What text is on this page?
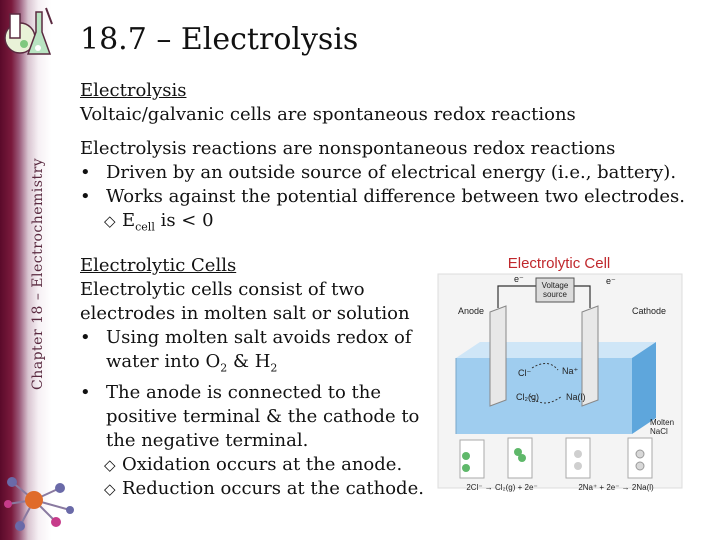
Chapter 18 – Electrochemistry
18.7 – Electrolysis
Electrolysis
Voltaic/galvanic cells are spontaneous redox reactions
Electrolysis reactions are nonspontaneous redox reactions
• Driven by an outside source of electrical energy (i.e., battery).
• Works against the potential difference between two electrodes.
◇ $E_{cell}$ is < 0
Electrolytic Cells
Electrolytic cells consist of two
electrodes in molten salt or solution
• Using molten salt avoids redox of
water into $O_2$ & $H_2$
• The anode is connected to the
positive terminal & the cathode to
the negative terminal.
◇ Oxidation occurs at the anode.
◇ Reduction occurs at the cathode.
Electrolytic Cell
Voltage
source
e⁻	e⁻
Anode	Cathode
Cl⁻	Na⁺
Cl₂(g)	Na(l)
Molten
NaCl
2Cl⁻ → Cl₂(g) + 2e⁻	2Na⁺ + 2e⁻ → 2Na(l)
